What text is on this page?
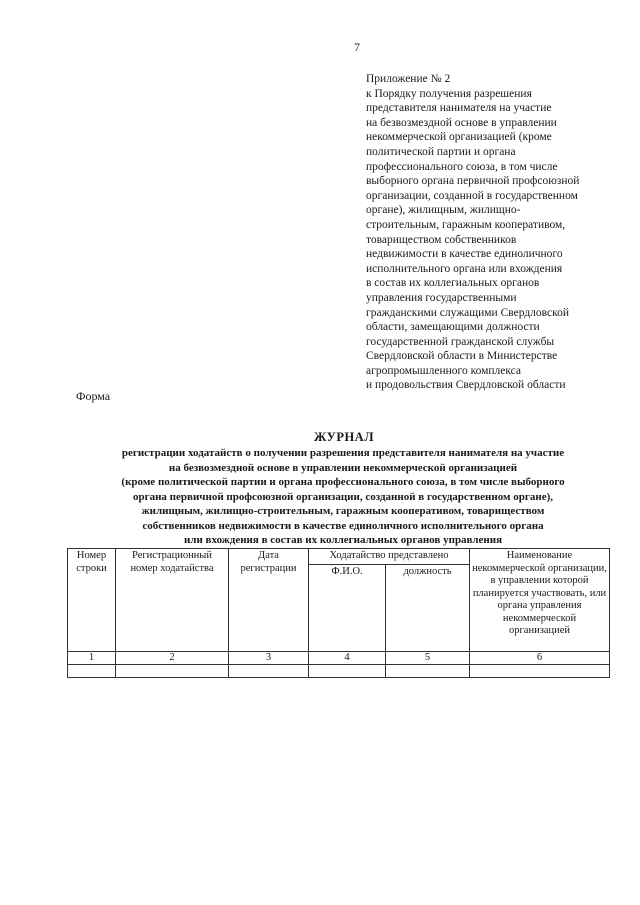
7
Приложение № 2
к Порядку получения разрешения
представителя нанимателя на участие
на безвозмездной основе в управлении
некоммерческой организацией (кроме
политической партии и органа
профессионального союза, в том числе
выборного органа первичной профсоюзной
организации, созданной в государственном
органе), жилищным, жилищно-
строительным, гаражным кооперативом,
товариществом собственников
недвижимости в качестве единоличного
исполнительного органа или вхождения
в состав их коллегиальных органов
управления государственными
гражданскими служащими Свердловской
области, замещающими должности
государственной гражданской службы
Свердловской области в Министерстве
агропромышленного комплекса
и продовольствия Свердловской области
Форма
ЖУРНАЛ
регистрации ходатайств о получении разрешения представителя нанимателя на участие
на безвозмездной основе в управлении некоммерческой организацией
(кроме политической партии и органа профессионального союза, в том числе выборного
органа первичной профсоюзной организации, созданной в государственном органе),
жилищным, жилищно-строительным, гаражным кооперативом, товариществом
собственников недвижимости в качестве единоличного исполнительного органа
или вхождения в состав их коллегиальных органов управления
Номер строки	Регистрационный номер ходатайства	Дата регистрации	Ходатайство представлено		Наименование некоммерческой организации, в управлении которой планируется участвовать, или органа управления некоммерческой организацией
			Ф.И.О.	должность	
1	2	3	4	5	6
